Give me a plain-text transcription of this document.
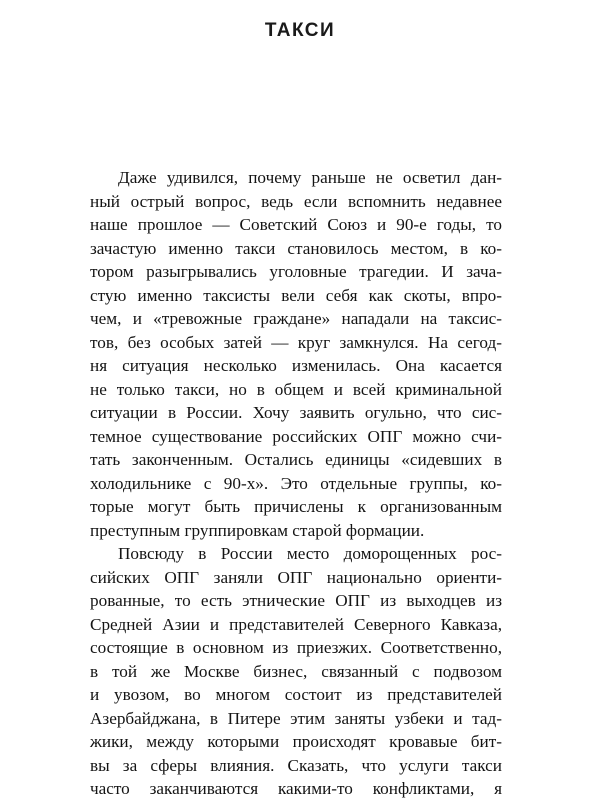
ТАКСИ
Даже удивился, почему раньше не осветил дан-
ный острый вопрос, ведь если вспомнить недавнее
наше прошлое — Советский Союз и 90-е годы, то
зачастую именно такси становилось местом, в ко-
тором разыгрывались уголовные трагедии. И зача-
стую именно таксисты вели себя как скоты, впро-
чем, и «тревожные граждане» нападали на таксис-
тов, без особых затей — круг замкнулся. На сегод-
ня ситуация несколько изменилась. Она касается
не только такси, но в общем и всей криминальной
ситуации в России. Хочу заявить огульно, что сис-
темное существование российских ОПГ можно счи-
тать законченным. Остались единицы «сидевших в
холодильнике с 90-х». Это отдельные группы, ко-
торые могут быть причислены к организованным
преступным группировкам старой формации.
Повсюду в России место доморощенных рос-
сийских ОПГ заняли ОПГ национально ориенти-
рованные, то есть этнические ОПГ из выходцев из
Средней Азии и представителей Северного Кавказа,
состоящие в основном из приезжих. Соответственно,
в той же Москве бизнес, связанный с подвозом
и увозом, во многом состоит из представителей
Азербайджана, в Питере этим заняты узбеки и тад-
жики, между которыми происходят кровавые бит-
вы за сферы влияния. Сказать, что услуги такси
часто заканчиваются какими-то конфликтами, я
